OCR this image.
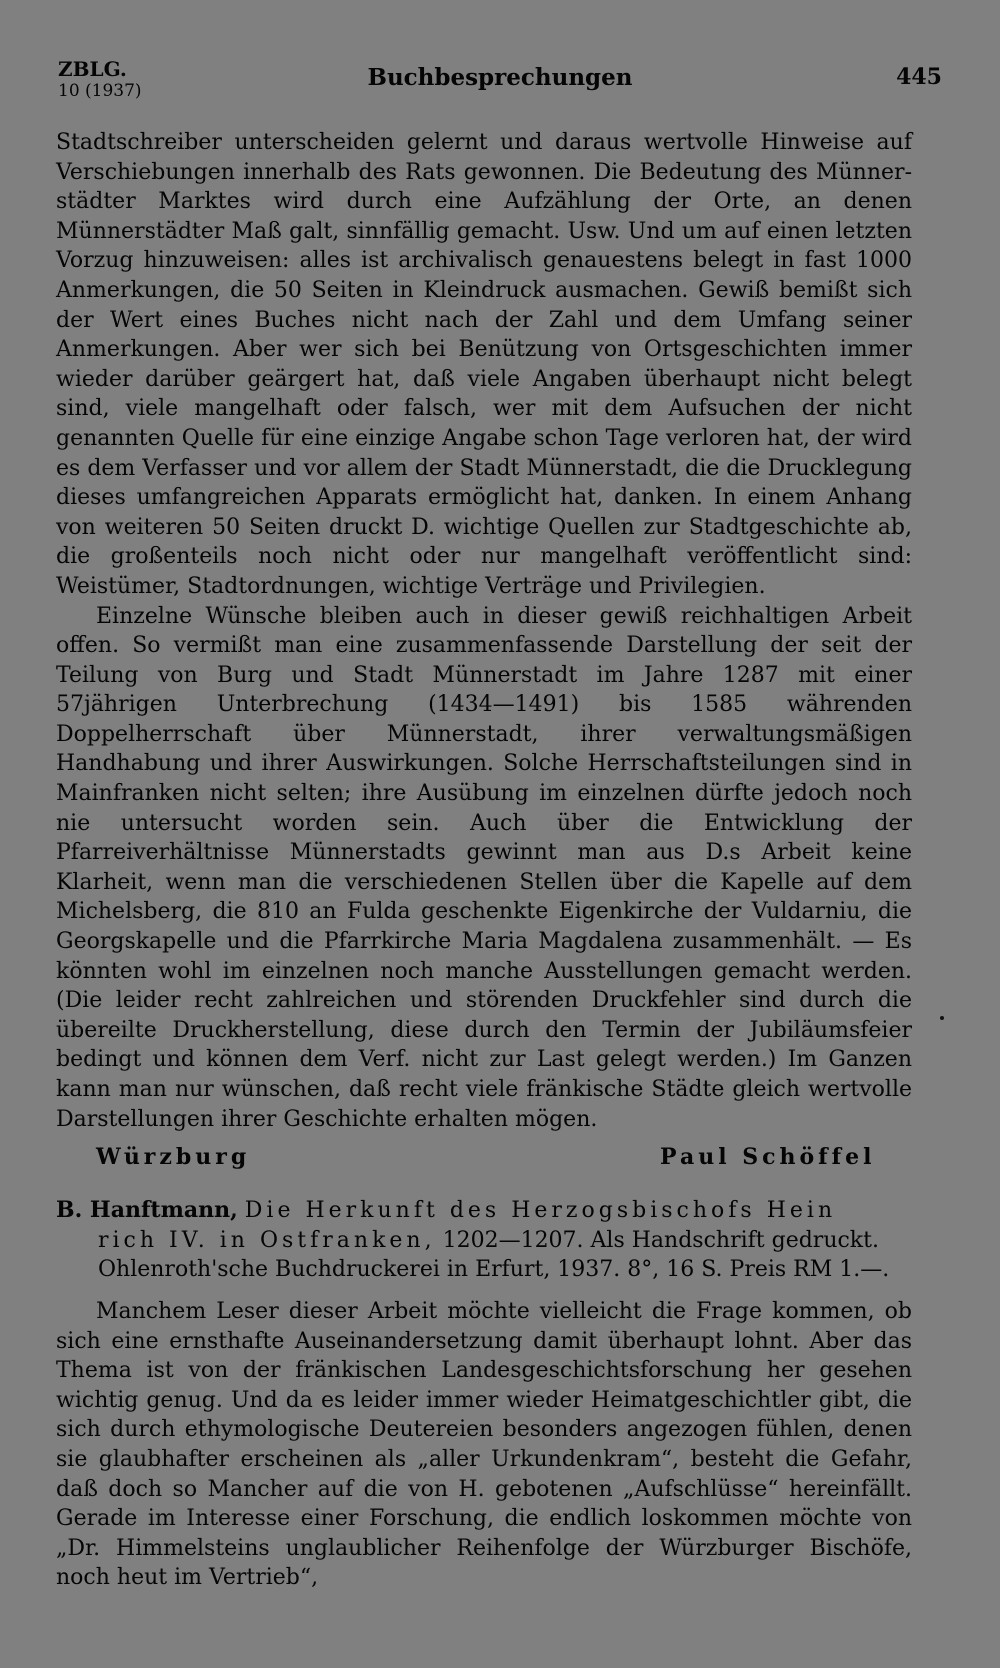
ZBLG.
10 (1937)	Buchbesprechungen	445

Stadtschreiber unterscheiden gelernt und daraus wertvolle Hinweise auf Verschiebungen innerhalb des Rats gewonnen. Die Bedeutung des Münnerstädter Marktes wird durch eine Aufzählung der Orte, an denen Münnerstädter Maß galt, sinnfällig gemacht. Usw. Und um auf einen letzten Vorzug hinzuweisen: alles ist archivalisch genauestens belegt in fast 1000 Anmerkungen, die 50 Seiten in Kleindruck ausmachen. Gewiß bemißt sich der Wert eines Buches nicht nach der Zahl und dem Umfang seiner Anmerkungen. Aber wer sich bei Benützung von Ortsgeschichten immer wieder darüber geärgert hat, daß viele Angaben überhaupt nicht belegt sind, viele mangelhaft oder falsch, wer mit dem Aufsuchen der nicht genannten Quelle für eine einzige Angabe schon Tage verloren hat, der wird es dem Verfasser und vor allem der Stadt Münnerstadt, die die Drucklegung dieses umfangreichen Apparats ermöglicht hat, danken. In einem Anhang von weiteren 50 Seiten druckt D. wichtige Quellen zur Stadtgeschichte ab, die großenteils noch nicht oder nur mangelhaft veröffentlicht sind: Weistümer, Stadtordnungen, wichtige Verträge und Privilegien.

Einzelne Wünsche bleiben auch in dieser gewiß reichhaltigen Arbeit offen. So vermißt man eine zusammenfassende Darstellung der seit der Teilung von Burg und Stadt Münnerstadt im Jahre 1287 mit einer 57jährigen Unterbrechung (1434—1491) bis 1585 währenden Doppelherrschaft über Münnerstadt, ihrer verwaltungsmäßigen Handhabung und ihrer Auswirkungen. Solche Herrschaftsteilungen sind in Mainfranken nicht selten; ihre Ausübung im einzelnen dürfte jedoch noch nie untersucht worden sein. Auch über die Entwicklung der Pfarreiverhältnisse Münnerstadts gewinnt man aus D.s Arbeit keine Klarheit, wenn man die verschiedenen Stellen über die Kapelle auf dem Michelsberg, die 810 an Fulda geschenkte Eigenkirche der Vuldarniu, die Georgskapelle und die Pfarrkirche Maria Magdalena zusammenhält. — Es könnten wohl im einzelnen noch manche Ausstellungen gemacht werden. (Die leider recht zahlreichen und störenden Druckfehler sind durch die übereilte Druckherstellung, diese durch den Termin der Jubiläumsfeier bedingt und können dem Verf. nicht zur Last gelegt werden.) Im Ganzen kann man nur wünschen, daß recht viele fränkische Städte gleich wertvolle Darstellungen ihrer Geschichte erhalten mögen.

Würzburg	Paul Schöffel
B. Hanftmann, Die Herkunft des Herzogsbischofs Hein
rich IV. in Ostfranken, 1202—1207. Als Handschrift gedruckt.
Ohlenroth'sche Buchdruckerei in Erfurt, 1937. 8°, 16 S. Preis RM 1.—.

Manchem Leser dieser Arbeit möchte vielleicht die Frage kommen, ob sich eine ernsthafte Auseinandersetzung damit überhaupt lohnt. Aber das Thema ist von der fränkischen Landesgeschichtsforschung her gesehen wichtig genug. Und da es leider immer wieder Heimatgeschichtler gibt, die sich durch ethymologische Deutereien besonders angezogen fühlen, denen sie glaubhafter erscheinen als „aller Urkundenkram“, besteht die Gefahr, daß doch so Mancher auf die von H. gebotenen „Aufschlüsse“ hereinfällt. Gerade im Interesse einer Forschung, die endlich loskommen möchte von „Dr. Himmelsteins unglaublicher Reihenfolge der Würzburger Bischöfe, noch heut im Vertrieb“,
